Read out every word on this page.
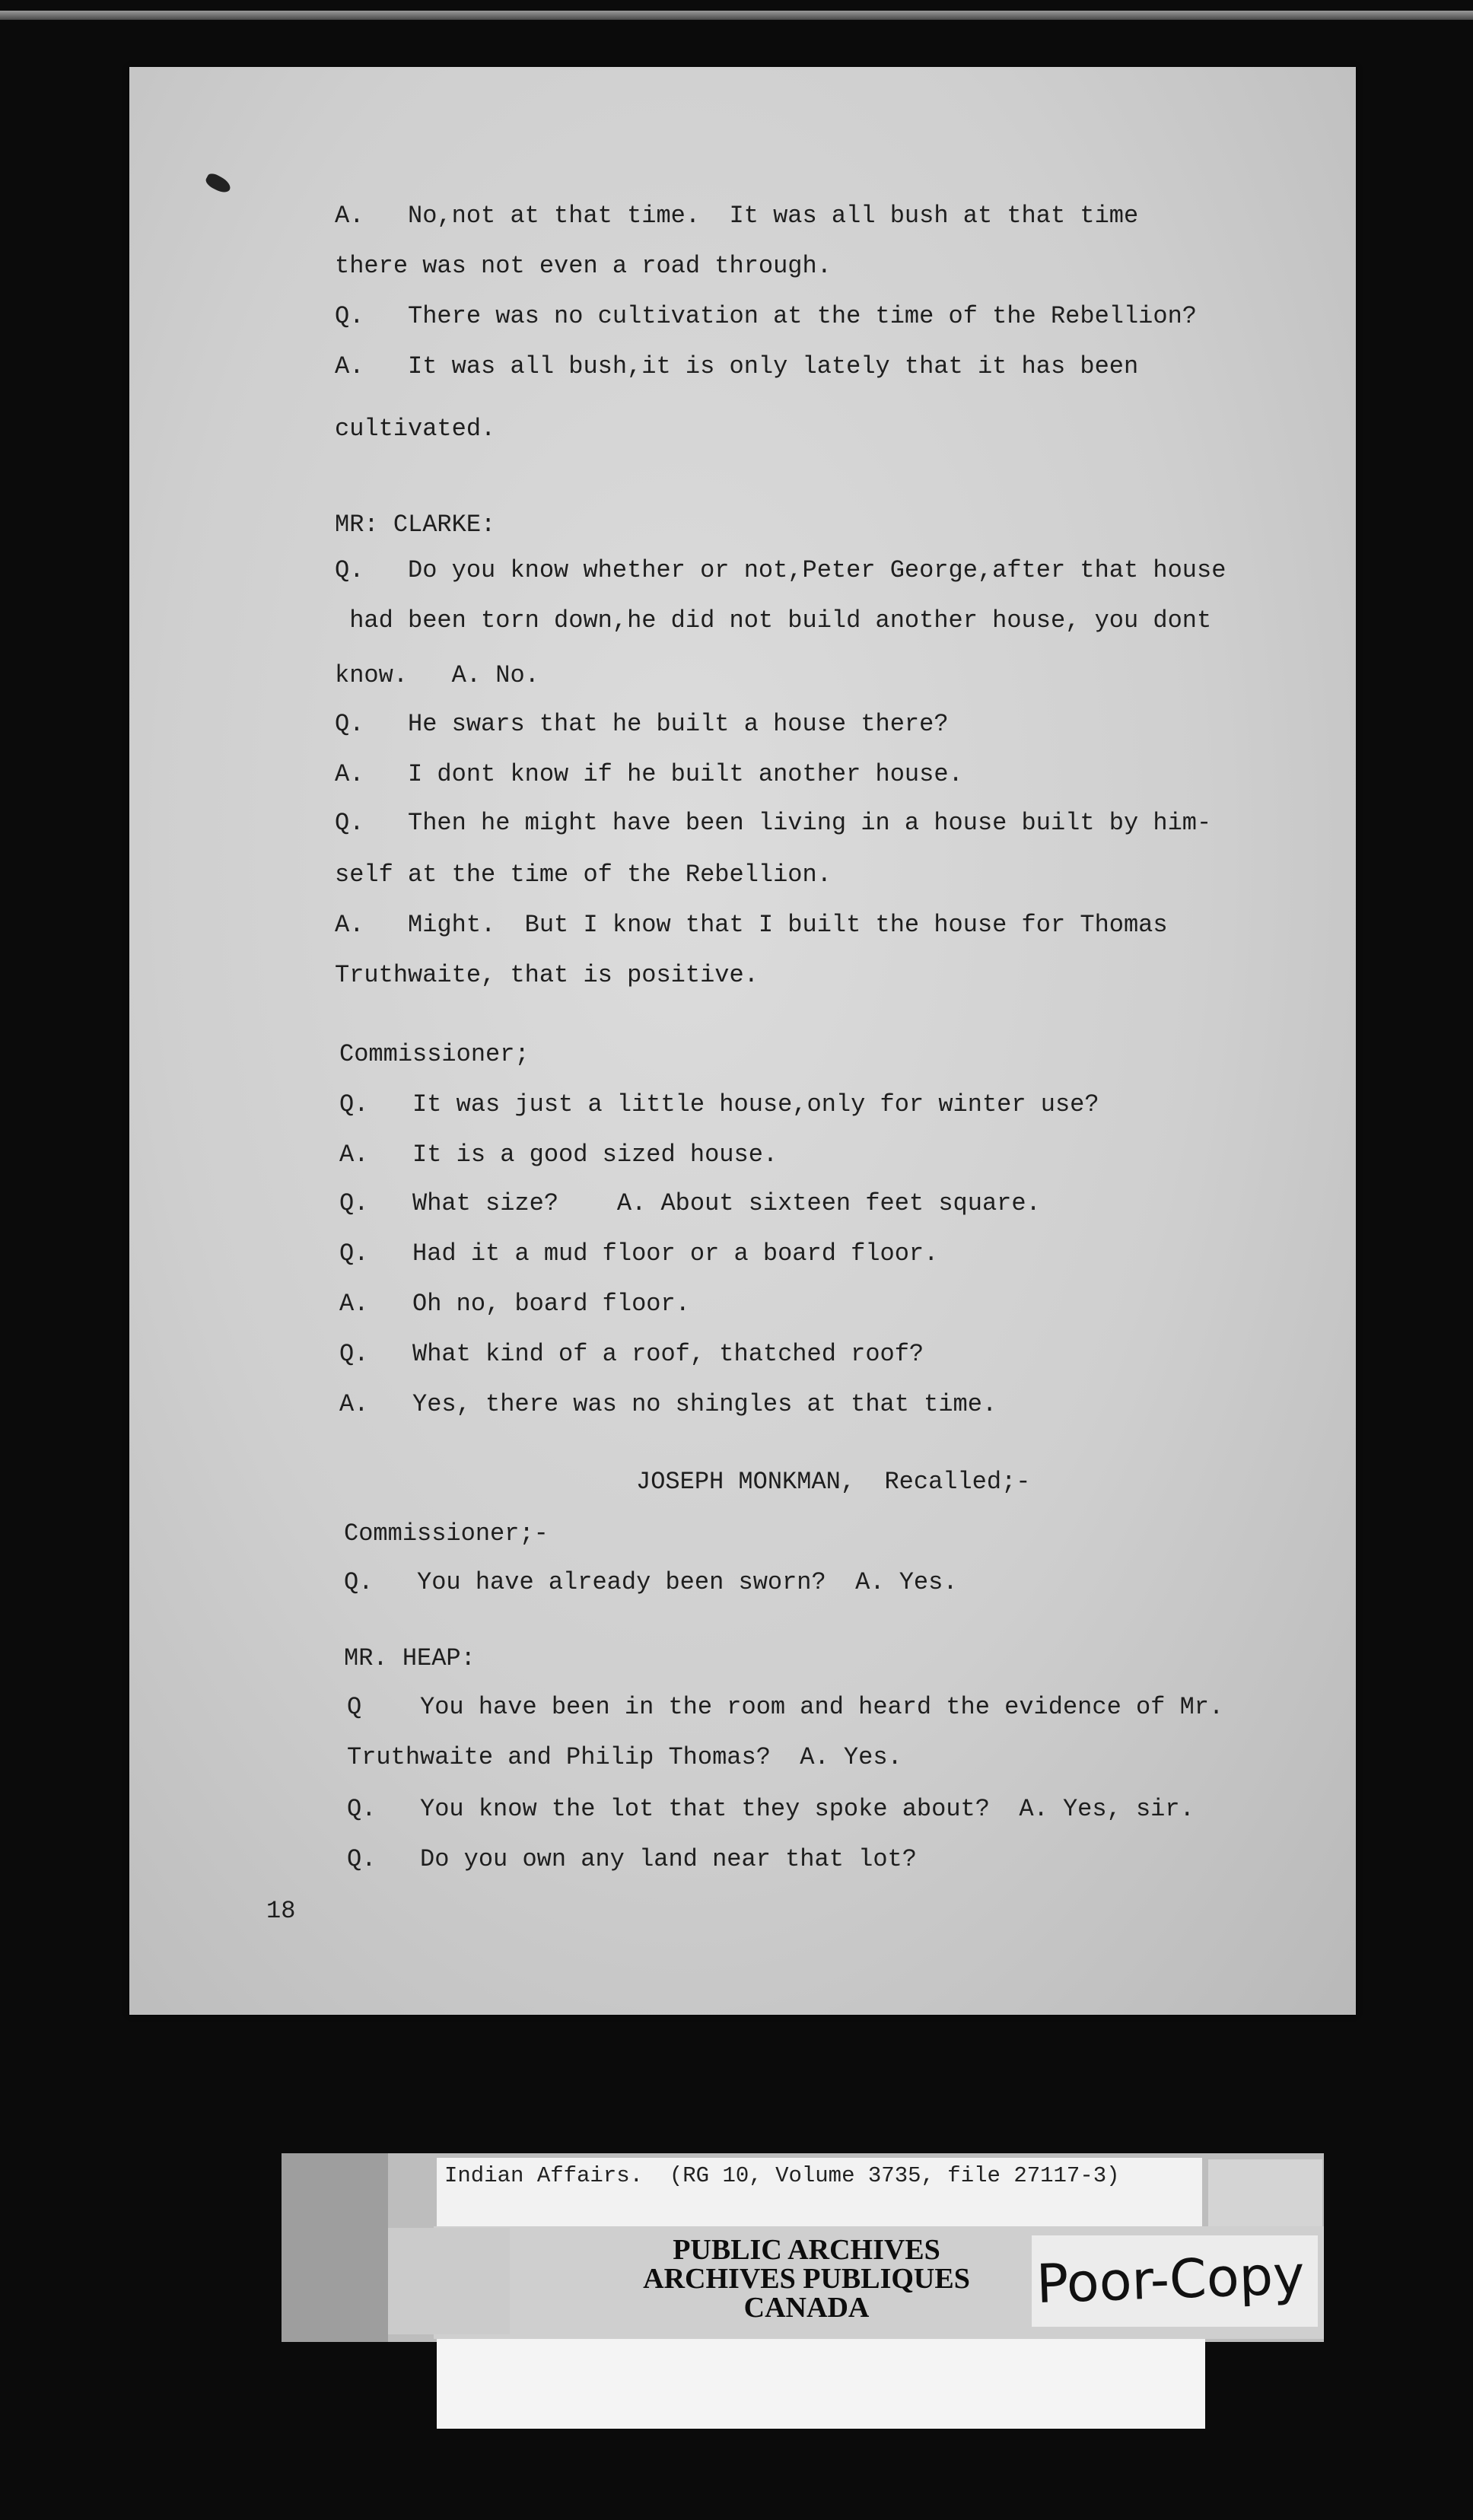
A.   No,not at that time.  It was all bush at that time

there was not even a road through.

Q.   There was no cultivation at the time of the Rebellion?

A.   It was all bush,it is only lately that it has been

cultivated.

MR: CLARKE:

Q.   Do you know whether or not,Peter George,after that house

had been torn down,he did not build another house, you dont

know.   A. No.

Q.   He swars that he built a house there?

A.   I dont know if he built another house.

Q.   Then he might have been living in a house built by him-

self at the time of the Rebellion.

A.   Might.  But I know that I built the house for Thomas

Truthwaite, that is positive.

Commissioner;

Q.   It was just a little house,only for winter use?

A.   It is a good sized house.

Q.   What size?    A. About sixteen feet square.

Q.   Had it a mud floor or a board floor.

A.   Oh no, board floor.

Q.   What kind of a roof, thatched roof?

A.   Yes, there was no shingles at that time.

JOSEPH MONKMAN,  Recalled;-

Commissioner;-

Q.   You have already been sworn?  A. Yes.

MR. HEAP:

Q    You have been in the room and heard the evidence of Mr.

Truthwaite and Philip Thomas?  A. Yes.

Q.   You know the lot that they spoke about?  A. Yes, sir.

Q.   Do you own any land near that lot?

18

Indian Affairs.  (RG 10, Volume 3735, file 27117-3)

PUBLIC ARCHIVES
ARCHIVES PUBLIQUES
CANADA	Poor-Copy
